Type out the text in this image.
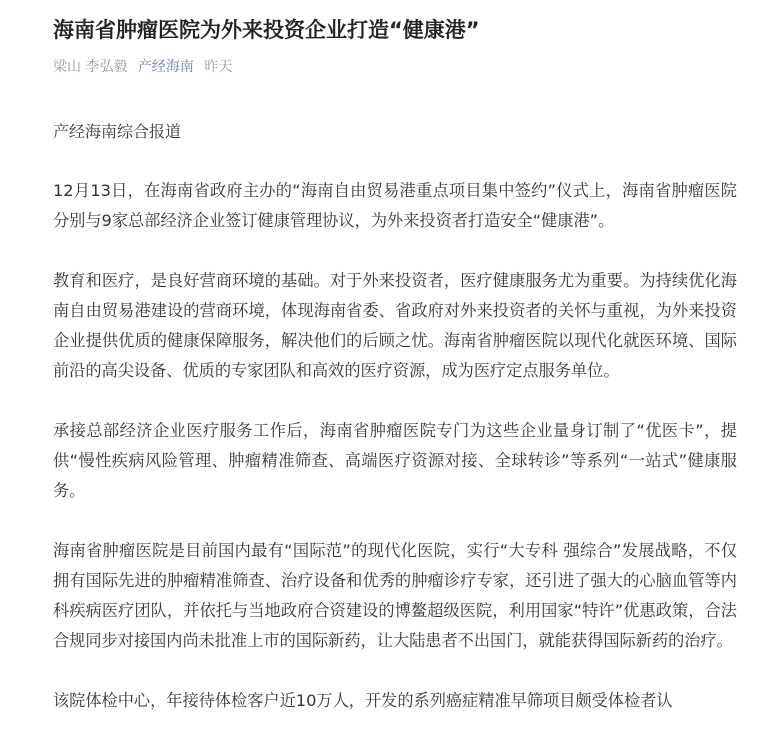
海南省肿瘤医院为外来投资企业打造“健康港”
梁山 李弘毅 产经海南 昨天
产经海南综合报道

12月13日，在海南省政府主办的“海南自由贸易港重点项目集中签约”仪式上，海南省肿瘤医院分别与9家总部经济企业签订健康管理协议，为外来投资者打造安全“健康港”。

教育和医疗，是良好营商环境的基础。对于外来投资者，医疗健康服务尤为重要。为持续优化海南自由贸易港建设的营商环境，体现海南省委、省政府对外来投资者的关怀与重视，为外来投资企业提供优质的健康保障服务，解决他们的后顾之忧。海南省肿瘤医院以现代化就医环境、国际前沿的高尖设备、优质的专家团队和高效的医疗资源，成为医疗定点服务单位。

承接总部经济企业医疗服务工作后，海南省肿瘤医院专门为这些企业量身订制了“优医卡”，提供“慢性疾病风险管理、肿瘤精准筛查、高端医疗资源对接、全球转诊”等系列“一站式”健康服务。

海南省肿瘤医院是目前国内最有“国际范”的现代化医院，实行“大专科 强综合”发展战略，不仅拥有国际先进的肿瘤精准筛查、治疗设备和优秀的肿瘤诊疗专家，还引进了强大的心脑血管等内科疾病医疗团队，并依托与当地政府合资建设的博鳌超级医院，利用国家“特许”优惠政策，合法合规同步对接国内尚未批准上市的国际新药，让大陆患者不出国门，就能获得国际新药的治疗。

该院体检中心，年接待体检客户近10万人，开发的系列癌症精准早筛项目颇受体检者认
